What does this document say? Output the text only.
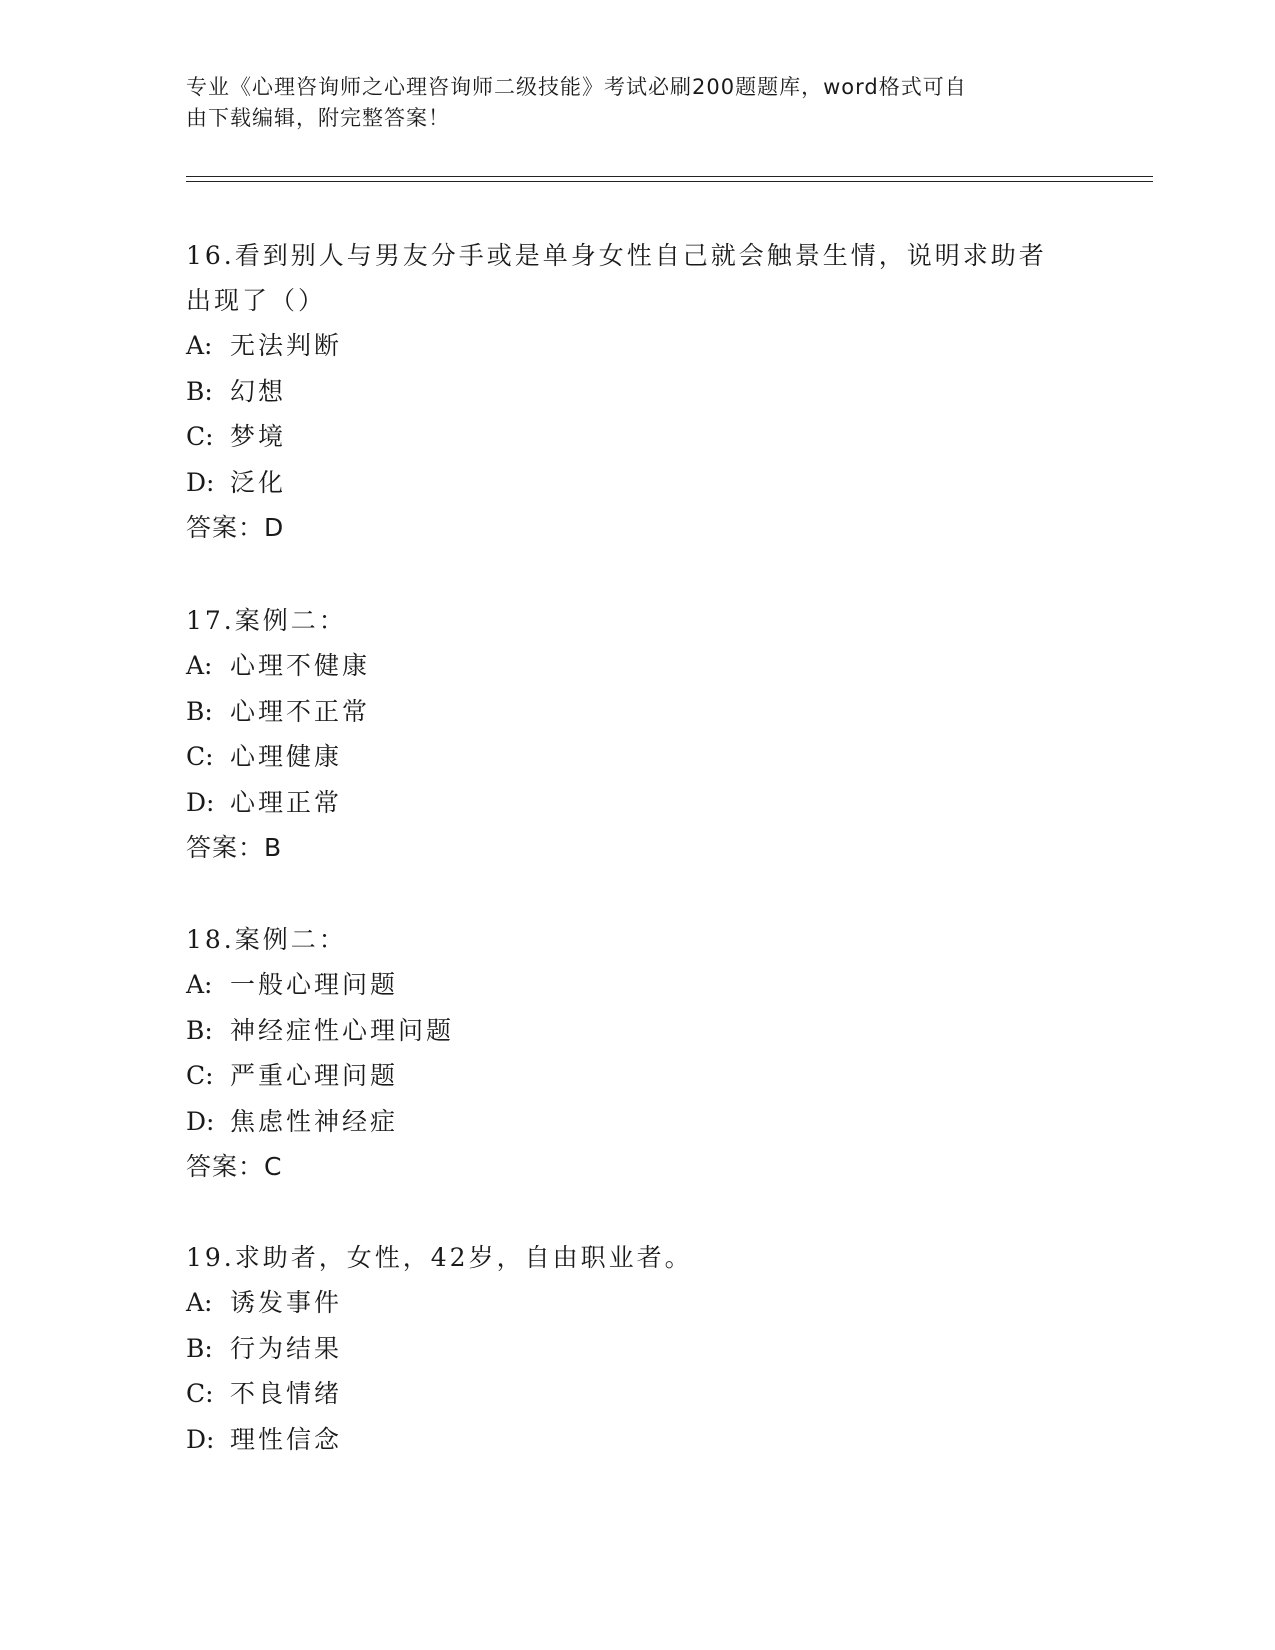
专业《心理咨询师之心理咨询师二级技能》考试必刷200题题库，word格式可自
由下载编辑，附完整答案！
16.看到别人与男友分手或是单身女性自己就会触景生情，说明求助者
出现了（）
A: 无法判断
B: 幻想
C: 梦境
D: 泛化
答案：D
17.案例二：
A: 心理不健康
B: 心理不正常
C: 心理健康
D: 心理正常
答案：B
18.案例二：
A: 一般心理问题
B: 神经症性心理问题
C: 严重心理问题
D: 焦虑性神经症
答案：C
19.求助者，女性，42岁，自由职业者。
A: 诱发事件
B: 行为结果
C: 不良情绪
D: 理性信念
